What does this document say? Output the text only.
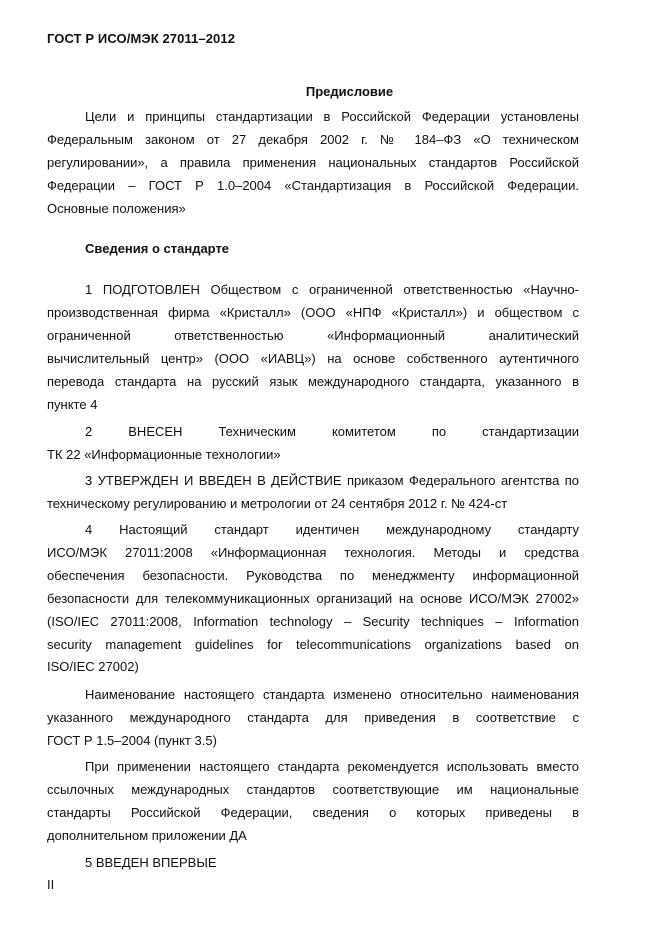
ГОСТ Р ИСО/МЭК 27011–2012
Предисловие

Цели и принципы стандартизации в Российской Федерации установлены
Федеральным законом от 27 декабря 2002 г. № 184–ФЗ «О техническом
регулировании», а правила применения национальных стандартов Российской
Федерации – ГОСТ Р 1.0–2004 «Стандартизация в Российской Федерации.
Основные положения»

Сведения о стандарте

1 ПОДГОТОВЛЕН Обществом с ограниченной ответственностью «Научно-
производственная фирма «Кристалл» (ООО «НПФ «Кристалл») и обществом с
ограниченной ответственностью «Информационный аналитический
вычислительный центр» (ООО «ИАВЦ») на основе собственного аутентичного
перевода стандарта на русский язык международного стандарта, указанного в
пункте 4

2 ВНЕСЕН Техническим комитетом по стандартизации
ТК 22 «Информационные технологии»

3 УТВЕРЖДЕН И ВВЕДЕН В ДЕЙСТВИЕ приказом Федерального агентства по
техническому регулированию и метрологии от 24 сентября 2012 г. № 424-ст

4 Настоящий стандарт идентичен международному стандарту
ИСО/МЭК 27011:2008 «Информационная технология. Методы и средства
обеспечения безопасности. Руководства по менеджменту информационной
безопасности для телекоммуникационных организаций на основе ИСО/МЭК 27002»
(ISO/IEC 27011:2008, Information technology – Security techniques – Information
security management guidelines for telecommunications organizations based on
ISO/IEC 27002)

Наименование настоящего стандарта изменено относительно наименования
указанного международного стандарта для приведения в соответствие с
ГОСТ Р 1.5–2004 (пункт 3.5)

При применении настоящего стандарта рекомендуется использовать вместо
ссылочных международных стандартов соответствующие им национальные
стандарты Российской Федерации, сведения о которых приведены в
дополнительном приложении ДА

5 ВВЕДЕН ВПЕРВЫЕ

II
